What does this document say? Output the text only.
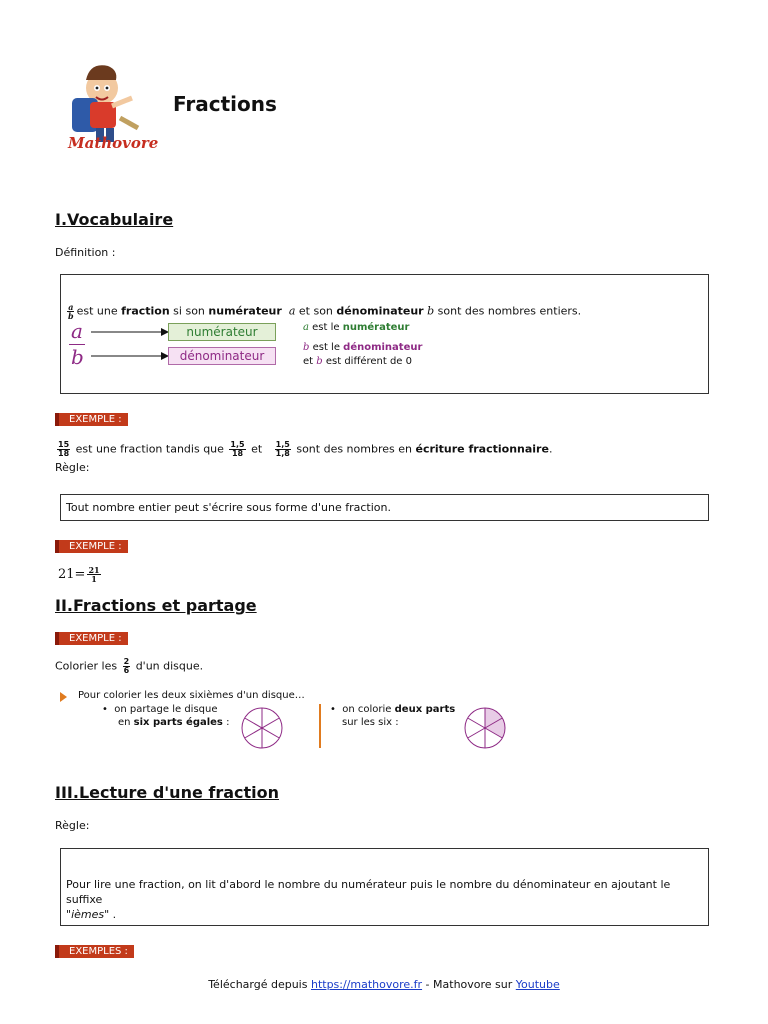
Mathovore
Fractions
I.Vocabulaire
Définition :
$\frac{a}{b}$ est une fraction si son numérateur a et son dénominateur b sont des nombres entiers.
a
b
numérateur
dénominateur
a est le numérateur
b est le dénominateur
et b est différent de 0
EXEMPLE :
$\frac{15}{18}$ est une fraction tandis que $\frac{1,5}{18}$ et $\frac{1,5}{1,8}$ sont des nombres en écriture fractionnaire.
Règle:
Tout nombre entier peut s'écrire sous forme d'une fraction.
EXEMPLE :
$21= \frac{21}{1}$
II.Fractions et partage
EXEMPLE :
Colorier les $\frac{2}{6} d'un$ disque.
Pour colorier les deux sixièmes d'un disque…
•  on partage le disque
en six parts égales :
•  on colorie deux parts
sur les six :
III.Lecture d'une fraction
Règle:
Pour lire une fraction, on lit d'abord le nombre du numérateur puis le nombre du dénominateur en ajoutant le suffixe
"ièmes" .
EXEMPLES :
Téléchargé depuis https://mathovore.fr - Mathovore sur Youtube
